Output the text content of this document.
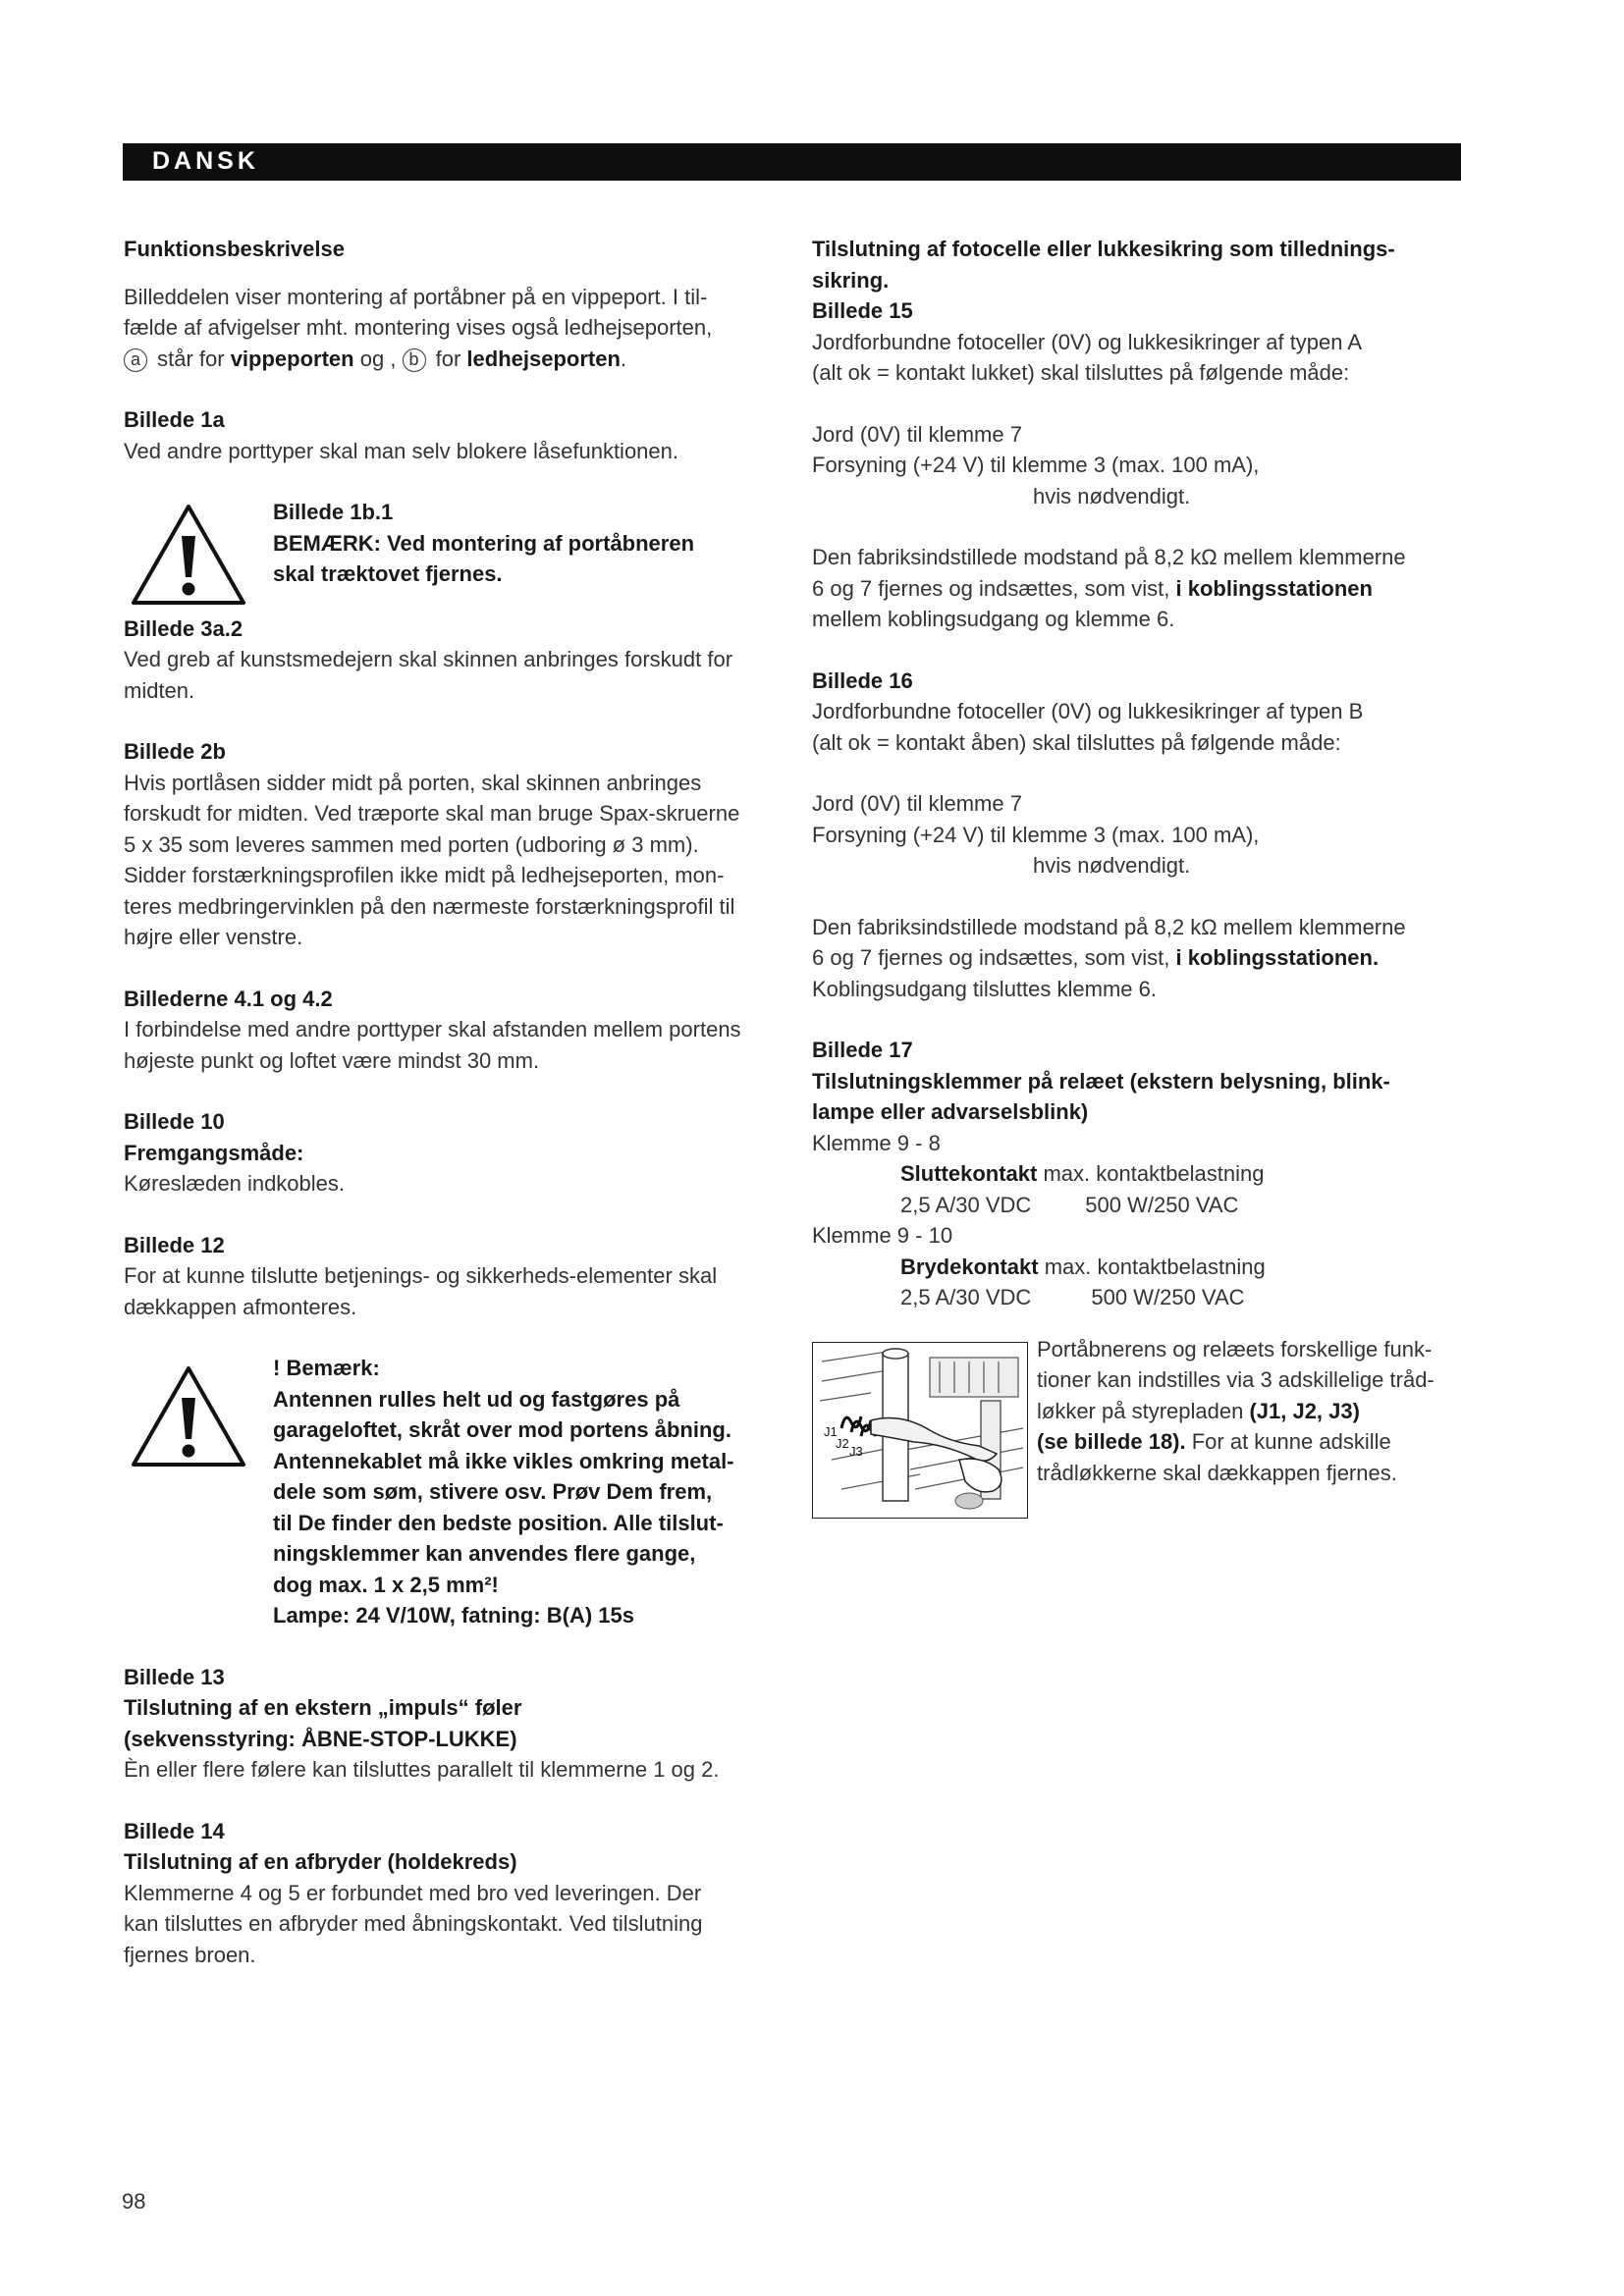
DANSK
Funktionsbeskrivelse
Billeddelen viser montering af portåbner på en vippeport. I til-
fælde af afvigelser mht. montering vises også ledhejseporten,
a står for vippeporten og , b for ledhejseporten.
Billede 1a
Ved andre porttyper skal man selv blokere låsefunktionen.
Billede 1b.1
BEMÆRK: Ved montering af portåbneren
skal træktovet fjernes.
Billede 3a.2
Ved greb af kunstsmedejern skal skinnen anbringes forskudt for
midten.
Billede 2b
Hvis portlåsen sidder midt på porten, skal skinnen anbringes
forskudt for midten. Ved træporte skal man bruge Spax-skruerne
5 x 35 som leveres sammen med porten (udboring ø 3 mm).
Sidder forstærkningsprofilen ikke midt på ledhejseporten, mon-
teres medbringervinklen på den nærmeste forstærkningsprofil til
højre eller venstre.
Billederne 4.1 og 4.2
I forbindelse med andre porttyper skal afstanden mellem portens
højeste punkt og loftet være mindst 30 mm.
Billede 10
Fremgangsmåde:
Køreslæden indkobles.
Billede 12
For at kunne tilslutte betjenings- og sikkerheds-elementer skal
dækkappen afmonteres.
! Bemærk:
Antennen rulles helt ud og fastgøres på
garageloftet, skråt over mod portens åbning.
Antennekablet må ikke vikles omkring metal-
dele som søm, stivere osv. Prøv Dem frem,
til De finder den bedste position. Alle tilslut-
ningsklemmer kan anvendes flere gange,
dog max. 1 x 2,5 mm²!
Lampe: 24 V/10W, fatning: B(A) 15s
Billede 13
Tilslutning af en ekstern „impuls“ føler
(sekvensstyring: ÅBNE-STOP-LUKKE)
Èn eller flere følere kan tilsluttes parallelt til klemmerne 1 og 2.
Billede 14
Tilslutning af en afbryder (holdekreds)
Klemmerne 4 og 5 er forbundet med bro ved leveringen. Der
kan tilsluttes en afbryder med åbningskontakt. Ved tilslutning
fjernes broen.
Tilslutning af fotocelle eller lukkesikring som tillednings-
sikring.
Billede 15
Jordforbundne fotoceller (0V) og lukkesikringer af typen A
(alt ok = kontakt lukket) skal tilsluttes på følgende måde:
Jord (0V) til klemme 7
Forsyning (+24 V) til klemme 3 (max. 100 mA),
hvis nødvendigt.
Den fabriksindstillede modstand på 8,2 kΩ mellem klemmerne
6 og 7 fjernes og indsættes, som vist, i koblingsstationen
mellem koblingsudgang og klemme 6.
Billede 16
Jordforbundne fotoceller (0V) og lukkesikringer af typen B
(alt ok = kontakt åben) skal tilsluttes på følgende måde:
Jord (0V) til klemme 7
Forsyning (+24 V) til klemme 3 (max. 100 mA),
hvis nødvendigt.
Den fabriksindstillede modstand på 8,2 kΩ mellem klemmerne
6 og 7 fjernes og indsættes, som vist, i koblingsstationen.
Koblingsudgang tilsluttes klemme 6.
Billede 17
Tilslutningsklemmer på relæet (ekstern belysning, blink-
lampe eller advarselsblink)
Klemme 9 - 8
Sluttekontakt max. kontaktbelastning
2,5 A/30 VDC         500 W/250 VAC
Klemme 9 - 10
Brydekontakt max. kontaktbelastning
2,5 A/30 VDC          500 W/250 VAC
J1
J2
J3
Portåbnerens og relæets forskellige funk-
tioner kan indstilles via 3 adskillelige tråd-
løkker på styrepladen (J1, J2, J3)
(se billede 18). For at kunne adskille
trådløkkerne skal dækkappen fjernes.
98
